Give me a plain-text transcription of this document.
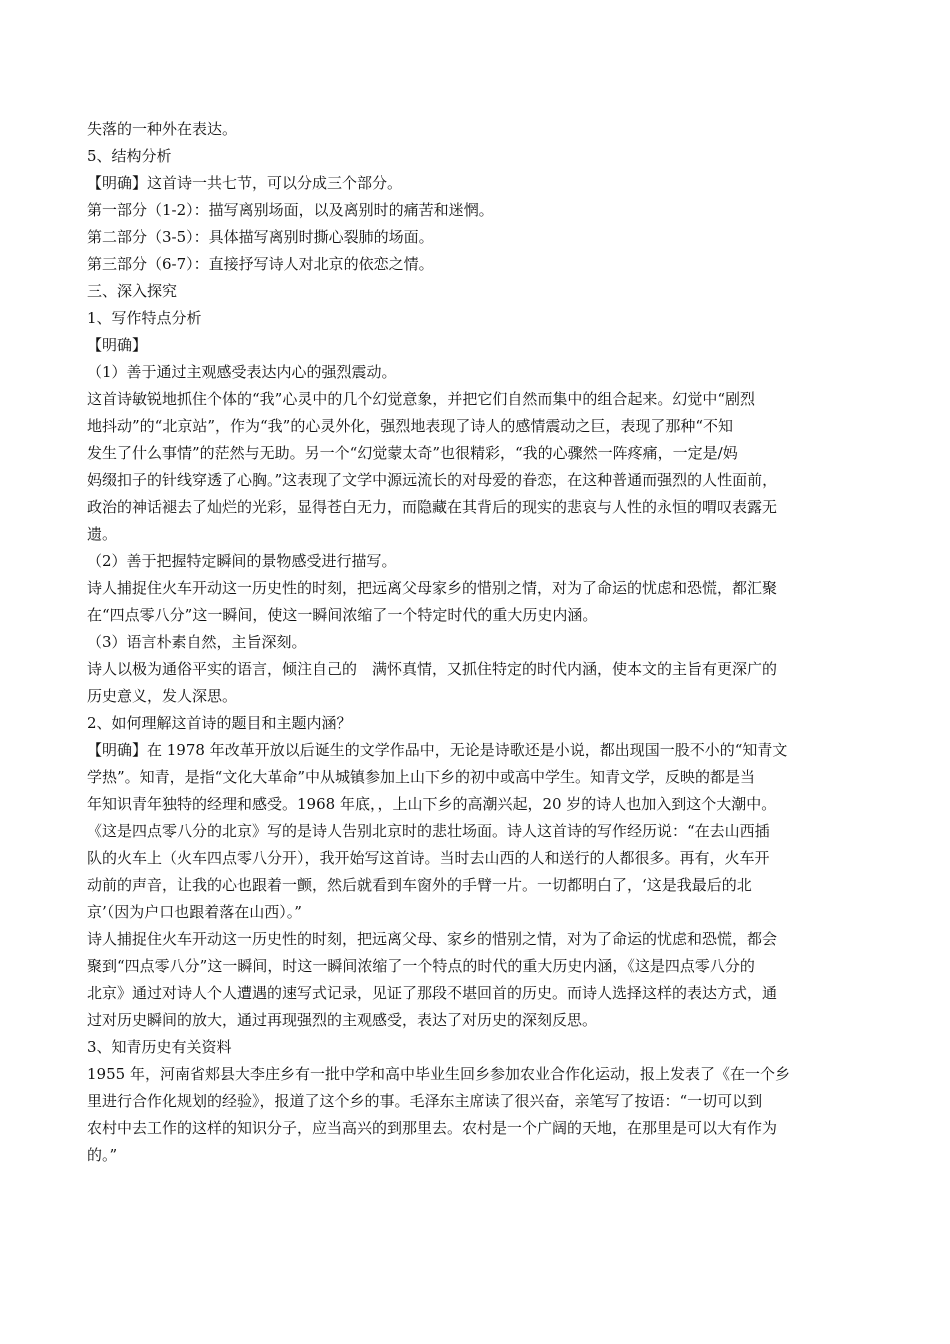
失落的一种外在表达。
5、结构分析
【明确】这首诗一共七节，可以分成三个部分。
第一部分（1-2）：描写离别场面，以及离别时的痛苦和迷惘。
第二部分（3-5）：具体描写离别时撕心裂肺的场面。
第三部分（6-7）：直接抒写诗人对北京的依恋之情。
三、深入探究
1、写作特点分析
【明确】
（1）善于通过主观感受表达内心的强烈震动。
这首诗敏锐地抓住个体的“我”心灵中的几个幻觉意象，并把它们自然而集中的组合起来。幻觉中“剧烈
地抖动”的“北京站”，作为“我”的心灵外化，强烈地表现了诗人的感情震动之巨，表现了那种“不知
发生了什么事情”的茫然与无助。另一个“幻觉蒙太奇”也很精彩，“我的心骤然一阵疼痛，一定是/妈
妈缀扣子的针线穿透了心胸。”这表现了文学中源远流长的对母爱的眷恋，在这种普通而强烈的人性面前，
政治的神话褪去了灿烂的光彩，显得苍白无力，而隐藏在其背后的现实的悲哀与人性的永恒的喟叹表露无
遗。
（2）善于把握特定瞬间的景物感受进行描写。
诗人捕捉住火车开动这一历史性的时刻，把远离父母家乡的惜别之情，对为了命运的忧虑和恐慌，都汇聚
在“四点零八分”这一瞬间，使这一瞬间浓缩了一个特定时代的重大历史内涵。
（3）语言朴素自然，主旨深刻。
诗人以极为通俗平实的语言，倾注自己的　满怀真情，又抓住特定的时代内涵，使本文的主旨有更深广的
历史意义，发人深思。
2、如何理解这首诗的题目和主题内涵？
【明确】在 1978 年改革开放以后诞生的文学作品中，无论是诗歌还是小说，都出现国一股不小的“知青文
学热”。知青，是指“文化大革命”中从城镇参加上山下乡的初中或高中学生。知青文学，反映的都是当
年知识青年独特的经理和感受。1968 年底，，上山下乡的高潮兴起，20 岁的诗人也加入到这个大潮中。
《这是四点零八分的北京》写的是诗人告别北京时的悲壮场面。诗人这首诗的写作经历说：“在去山西插
队的火车上（火车四点零八分开），我开始写这首诗。当时去山西的人和送行的人都很多。再有，火车开
动前的声音，让我的心也跟着一颤，然后就看到车窗外的手臂一片。一切都明白了，‘这是我最后的北
京’（因为户口也跟着落在山西）。”
诗人捕捉住火车开动这一历史性的时刻，把远离父母、家乡的惜别之情，对为了命运的忧虑和恐慌，都会
聚到“四点零八分”这一瞬间，时这一瞬间浓缩了一个特点的时代的重大历史内涵，《这是四点零八分的
北京》通过对诗人个人遭遇的速写式记录，见证了那段不堪回首的历史。而诗人选择这样的表达方式，通
过对历史瞬间的放大，通过再现强烈的主观感受，表达了对历史的深刻反思。
3、知青历史有关资料
1955 年，河南省郏县大李庄乡有一批中学和高中毕业生回乡参加农业合作化运动，报上发表了《在一个乡
里进行合作化规划的经验》，报道了这个乡的事。毛泽东主席读了很兴奋，亲笔写了按语：“一切可以到
农村中去工作的这样的知识分子，应当高兴的到那里去。农村是一个广阔的天地，在那里是可以大有作为
的。”
